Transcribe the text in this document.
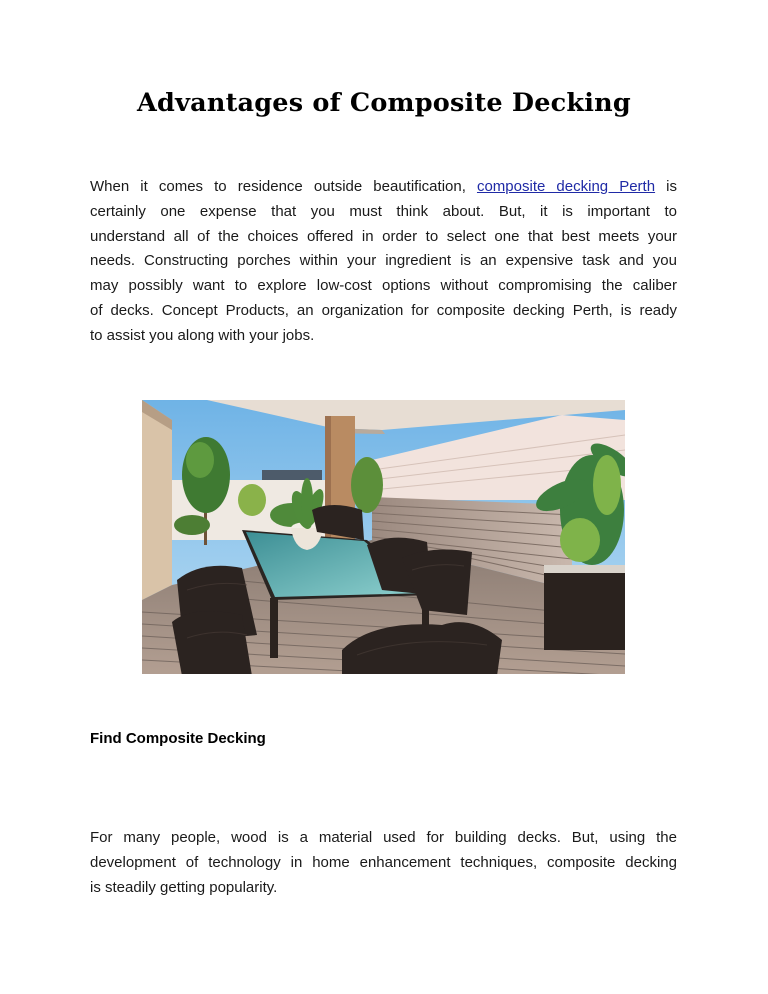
Advantages of Composite Decking
When it comes to residence outside beautification, composite decking Perth is
certainly one expense that you must think about. But, it is important to
understand all of the choices offered in order to select one that best meets your
needs. Constructing porches within your ingredient is an expensive task and you
may possibly want to explore low-cost options without compromising the caliber
of decks. Concept Products, an organization for composite decking Perth, is ready
to assist you along with your jobs.
Find Composite Decking
For many people, wood is a material used for building decks. But, using the
development of technology in home enhancement techniques, composite decking
is steadily getting popularity.
